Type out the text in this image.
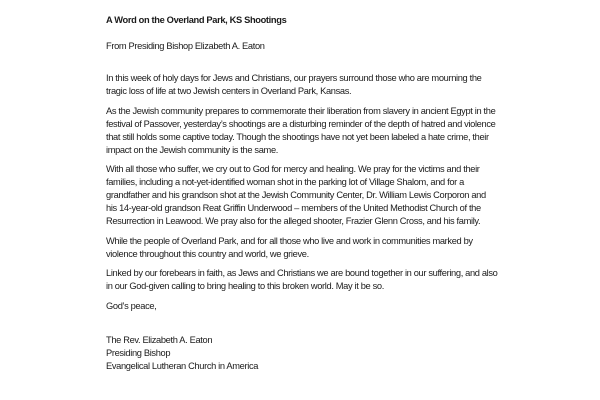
A Word on the Overland Park, KS Shootings

From Presiding Bishop Elizabeth A. Eaton

In this week of holy days for Jews and Christians, our prayers surround those who are mourning the tragic loss of life at two Jewish centers in Overland Park, Kansas.

As the Jewish community prepares to commemorate their liberation from slavery in ancient Egypt in the festival of Passover, yesterday’s shootings are a disturbing reminder of the depth of hatred and violence that still holds some captive today. Though the shootings have not yet been labeled a hate crime, their impact on the Jewish community is the same.

With all those who suffer, we cry out to God for mercy and healing. We pray for the victims and their families, including a not-yet-identified woman shot in the parking lot of Village Shalom, and for a grandfather and his grandson shot at the Jewish Community Center, Dr. William Lewis Corporon and his 14-year-old grandson Reat Griffin Underwood – members of the United Methodist Church of the Resurrection in Leawood. We pray also for the alleged shooter, Frazier Glenn Cross, and his family.

While the people of Overland Park, and for all those who live and work in communities marked by violence throughout this country and world, we grieve.

Linked by our forebears in faith, as Jews and Christians we are bound together in our suffering, and also in our God-given calling to bring healing to this broken world. May it be so.

God’s peace,

The Rev. Elizabeth A. Eaton

Presiding Bishop

Evangelical Lutheran Church in America
